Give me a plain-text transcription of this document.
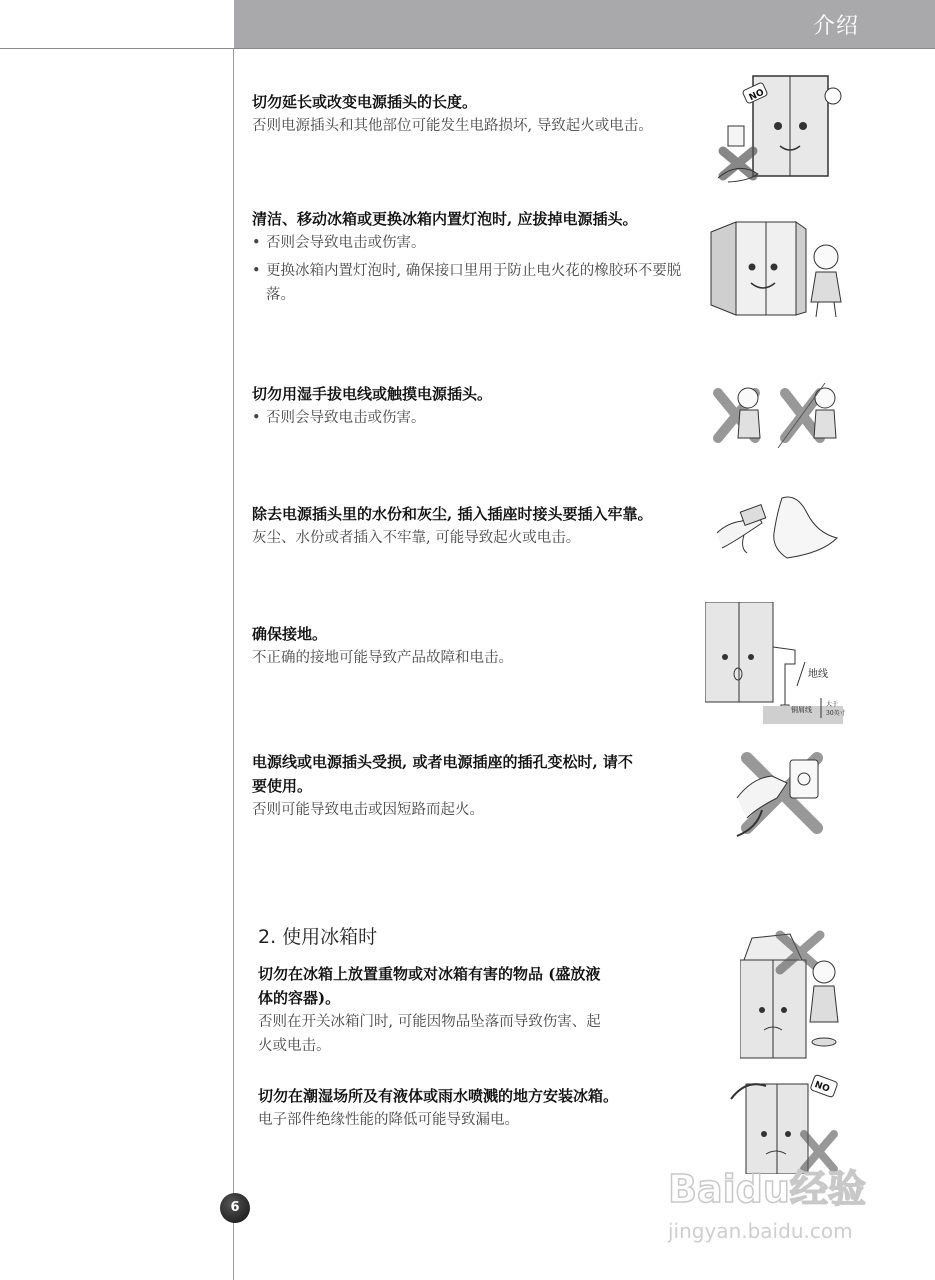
介绍
切勿延长或改变电源插头的长度。
否则电源插头和其他部位可能发生电路损坏, 导致起火或电击。
清洁、移动冰箱或更换冰箱内置灯泡时, 应拔掉电源插头。
• 否则会导致电击或伤害。
• 更换冰箱内置灯泡时, 确保接口里用于防止电火花的橡胶环不要脱落。
切勿用湿手拔电线或触摸电源插头。
• 否则会导致电击或伤害。
除去电源插头里的水份和灰尘, 插入插座时接头要插入牢靠。
灰尘、水份或者插入不牢靠, 可能导致起火或电击。
确保接地。
不正确的接地可能导致产品故障和电击。
电源线或电源插头受损, 或者电源插座的插孔变松时, 请不要使用。
否则可能导致电击或因短路而起火。
2. 使用冰箱时
切勿在冰箱上放置重物或对冰箱有害的物品 (盛放液体的容器)。
否则在开关冰箱门时, 可能因物品坠落而导致伤害、起火或电击。
切勿在潮湿场所及有液体或雨水喷溅的地方安装冰箱。
电子部件绝缘性能的降低可能导致漏电。
NO
地线
铜屑线
大于
30英寸
NO
6	Baidu经验
jingyan.baidu.com
